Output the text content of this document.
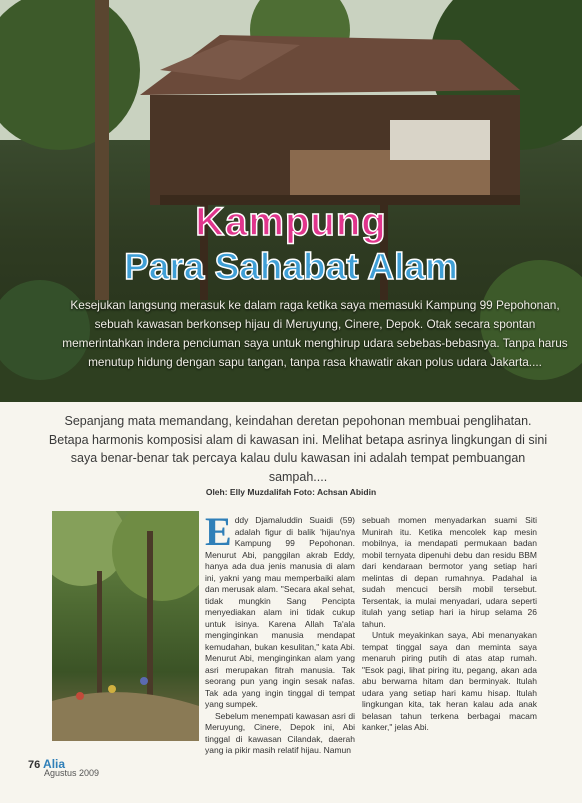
Kampung
Para Sahabat Alam
Kesejukan langsung merasuk ke dalam raga ketika saya memasuki Kampung 99 Pepohonan, sebuah kawasan berkonsep hijau di Meruyung, Cinere, Depok. Otak secara spontan memerintahkan indera penciuman saya untuk menghirup udara sebebas-bebasnya. Tanpa harus menutup hidung dengan sapu tangan, tanpa rasa khawatir akan polus udara Jakarta....
Sepanjang mata memandang, keindahan deretan pepohonan membuai penglihatan. Betapa harmonis komposisi alam di kawasan ini. Melihat betapa asrinya lingkungan di sini saya benar-benar tak percaya kalau dulu kawasan ini adalah tempat pembuangan sampah....
Oleh: Elly Muzdalifah Foto: Achsan Abidin

Eddy Djamaluddin Suaidi (59) adalah figur di balik 'hijau'nya Kampung 99 Pepohonan. Menurut Abi, panggilan akrab Eddy, hanya ada dua jenis manusia di alam ini, yakni yang mau memperbaiki alam dan merusak alam. "Secara akal sehat, tidak mungkin Sang Pencipta menyediakan alam ini tidak cukup untuk isinya. Karena Allah Ta'ala menginginkan manusia mendapat kemudahan, bukan kesulitan," kata Abi. Menurut Abi, menginginkan alam yang asri merupakan fitrah manusia. Tak seorang pun yang ingin sesak nafas. Tak ada yang ingin tinggal di tempat yang sumpek.

Sebelum menempati kawasan asri di Meruyung, Cinere, Depok ini, Abi tinggal di kawasan Cilandak, daerah yang ia pikir masih relatif hijau. Namun

sebuah momen menyadarkan suami Siti Munirah itu. Ketika mencolek kap mesin mobilnya, ia mendapati permukaan badan mobil ternyata dipenuhi debu dan residu BBM dari kendaraan bermotor yang setiap hari melintas di depan rumahnya. Padahal ia sudah mencuci bersih mobil tersebut. Tersentak, ia mulai menyadari, udara seperti itulah yang setiap hari ia hirup selama 26 tahun.

Untuk meyakinkan saya, Abi menanyakan tempat tinggal saya dan meminta saya menaruh piring putih di atas atap rumah. "Esok pagi, lihat piring itu, pegang, akan ada abu berwarna hitam dan berminyak. Itulah udara yang setiap hari kamu hisap. Itulah lingkungan kita, tak heran kalau ada anak belasan tahun terkena berbagai macam kanker," jelas Abi.

76 Alia
Agustus 2009
